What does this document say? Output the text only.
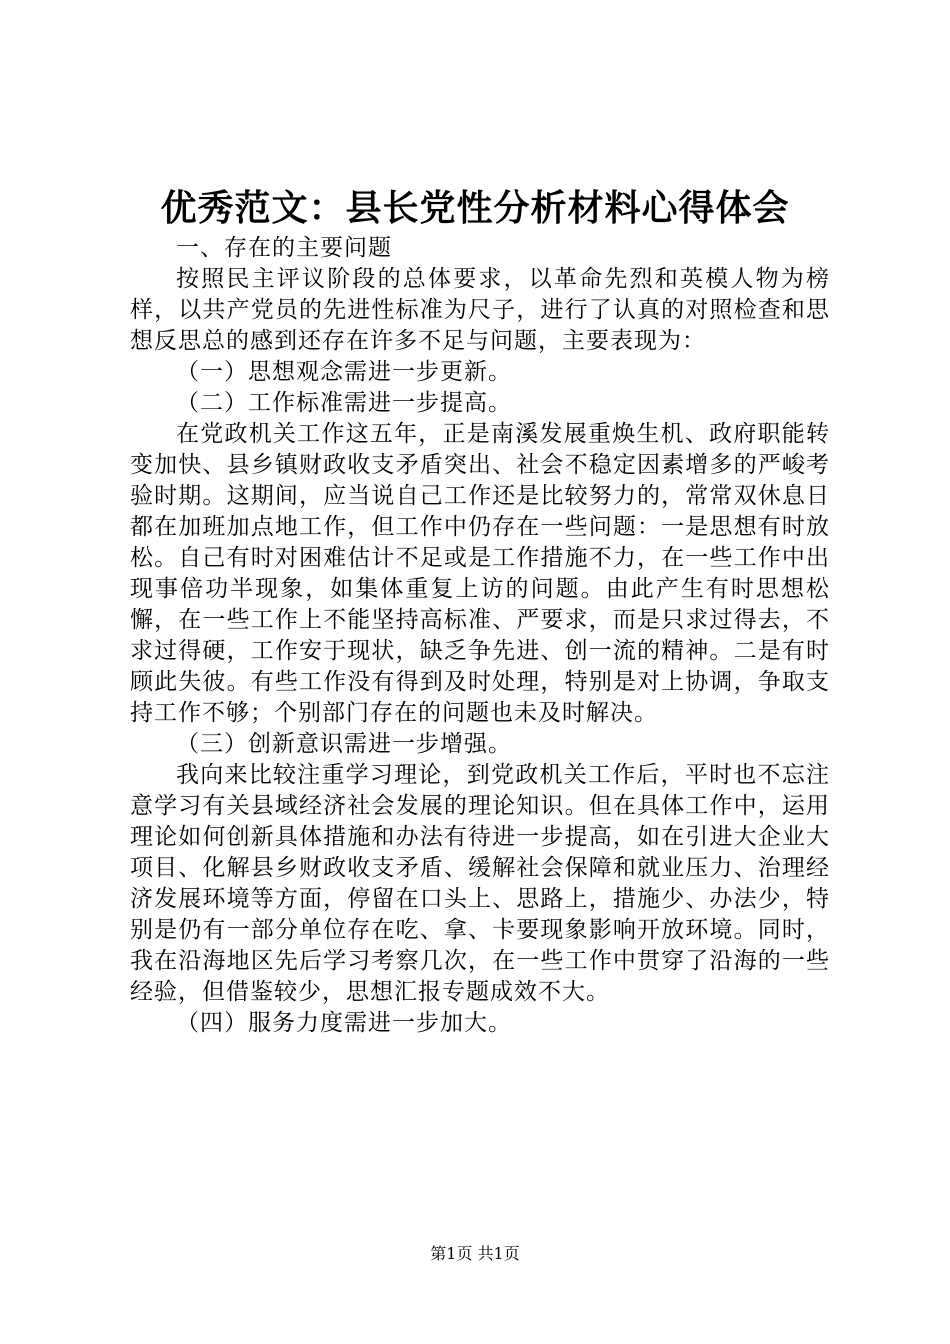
优秀范文：县长党性分析材料心得体会

一、存在的主要问题

按照民主评议阶段的总体要求，以革命先烈和英模人物为榜样，以共产党员的先进性标准为尺子，进行了认真的对照检查和思想反思总的感到还存在许多不足与问题，主要表现为：

（一）思想观念需进一步更新。

（二）工作标准需进一步提高。

在党政机关工作这五年，正是南溪发展重焕生机、政府职能转变加快、县乡镇财政收支矛盾突出、社会不稳定因素增多的严峻考验时期。这期间，应当说自己工作还是比较努力的，常常双休息日都在加班加点地工作，但工作中仍存在一些问题：一是思想有时放松。自己有时对困难估计不足或是工作措施不力，在一些工作中出现事倍功半现象，如集体重复上访的问题。由此产生有时思想松懈，在一些工作上不能坚持高标准、严要求，而是只求过得去，不求过得硬，工作安于现状，缺乏争先进、创一流的精神。二是有时顾此失彼。有些工作没有得到及时处理，特别是对上协调，争取支持工作不够；个别部门存在的问题也未及时解决。

（三）创新意识需进一步增强。

我向来比较注重学习理论，到党政机关工作后，平时也不忘注意学习有关县域经济社会发展的理论知识。但在具体工作中，运用理论如何创新具体措施和办法有待进一步提高，如在引进大企业大项目、化解县乡财政收支矛盾、缓解社会保障和就业压力、治理经济发展环境等方面，停留在口头上、思路上，措施少、办法少，特别是仍有一部分单位存在吃、拿、卡要现象影响开放环境。同时，我在沿海地区先后学习考察几次，在一些工作中贯穿了沿海的一些经验，但借鉴较少，思想汇报专题成效不大。

（四）服务力度需进一步加大。

第1页 共1页
